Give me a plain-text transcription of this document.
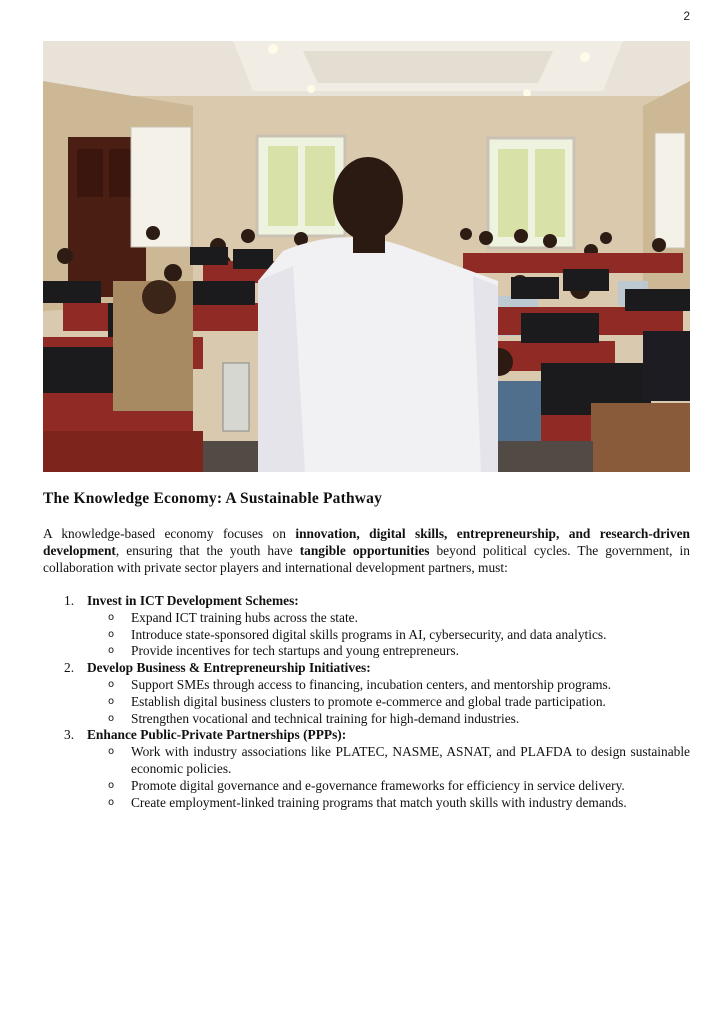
2
The Knowledge Economy: A Sustainable Pathway

A knowledge-based economy focuses on innovation, digital skills, entrepreneurship, and research-driven development, ensuring that the youth have tangible opportunities beyond political cycles. The government, in collaboration with private sector players and international development partners, must:

1. Invest in ICT Development Schemes:
o Expand ICT training hubs across the state.
o Introduce state-sponsored digital skills programs in AI, cybersecurity, and data analytics.
o Provide incentives for tech startups and young entrepreneurs.
2. Develop Business & Entrepreneurship Initiatives:
o Support SMEs through access to financing, incubation centers, and mentorship programs.
o Establish digital business clusters to promote e-commerce and global trade participation.
o Strengthen vocational and technical training for high-demand industries.
3. Enhance Public-Private Partnerships (PPPs):
o Work with industry associations like PLATEC, NASME, ASNAT, and PLAFDA to design sustainable economic policies.
o Promote digital governance and e-governance frameworks for efficiency in service delivery.
o Create employment-linked training programs that match youth skills with industry demands.
